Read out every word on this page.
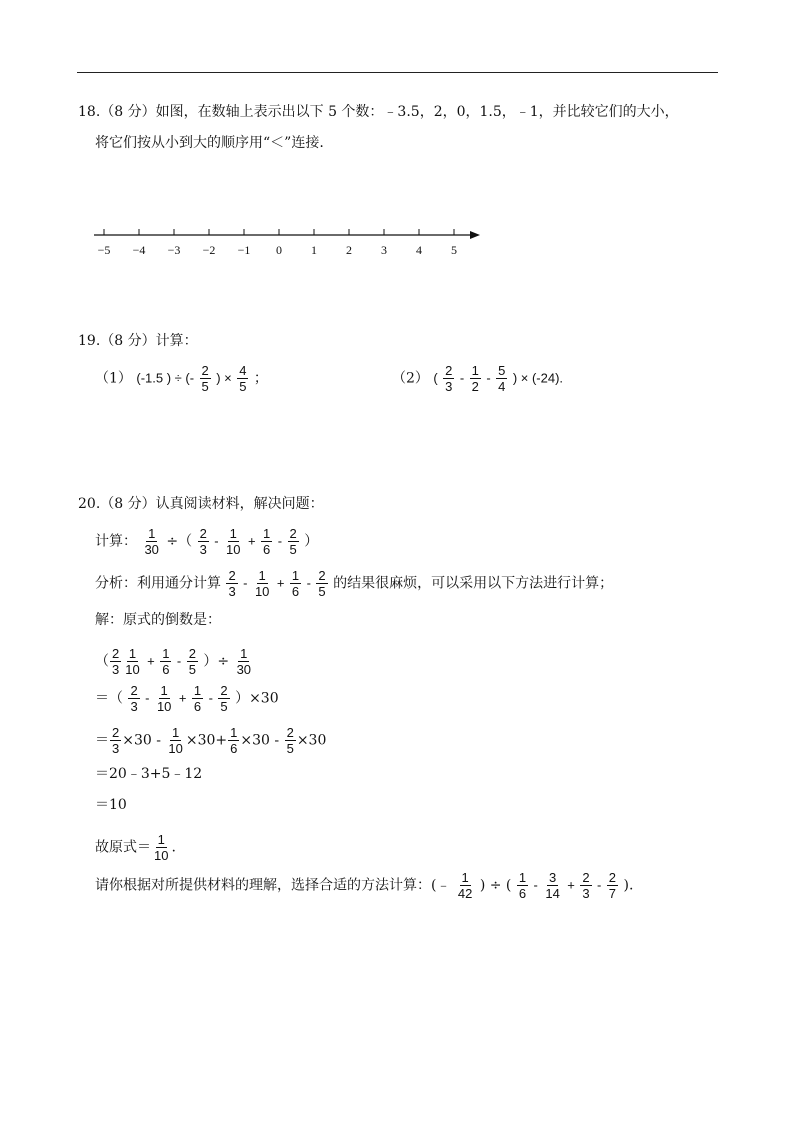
18.（8 分）如图，在数轴上表示出以下 5 个数：﹣3.5，2，0，1.5，﹣1，并比较它们的大小，
将它们按从小到大的顺序用“＜”连接.
−5 −4 −3 −2 −1 0 1 2 3 4 5
19.（8 分）计算：
（1） (-1.5 ) ÷ (- $\frac{2}{5}$ ) × $\frac{4}{5}$ ；	（2） ( $\frac{2}{3} - \frac{1}{2} - \frac{5}{4}$ ) × (-24).
20.（8 分）认真阅读材料，解决问题：
计算： $\frac{1}{30}$ ÷（ $\frac{2}{3} - \frac{1}{10} + \frac{1}{6} - \frac{2}{5}$ ）
分析：利用通分计算 $\frac{2}{3} - \frac{1}{10} + \frac{1}{6} - \frac{2}{5}$ 的结果很麻烦，可以采用以下方法进行计算；
解：原式的倒数是：
（ $\frac{2}{3} \frac{1}{10} + \frac{1}{6} - \frac{2}{5}$ ）÷ $\frac{1}{30}$
＝（ $\frac{2}{3} - \frac{1}{10} + \frac{1}{6} - \frac{2}{5} )\times 30$
＝ $\frac{2}{3} \times 30 - \frac{1}{10} \times 30+ \frac{1}{6} \times 30 - \frac{2}{5} \times 30$
＝20﹣3+5﹣12
＝10
故原式＝ $\frac{1}{10}$ .
请你根据对所提供材料的理解，选择合适的方法计算：(﹣ $\frac{1}{42}$ ) ÷ ( $\frac{1}{6} - \frac{3}{14} + \frac{2}{3} - \frac{2}{7}$ ).
